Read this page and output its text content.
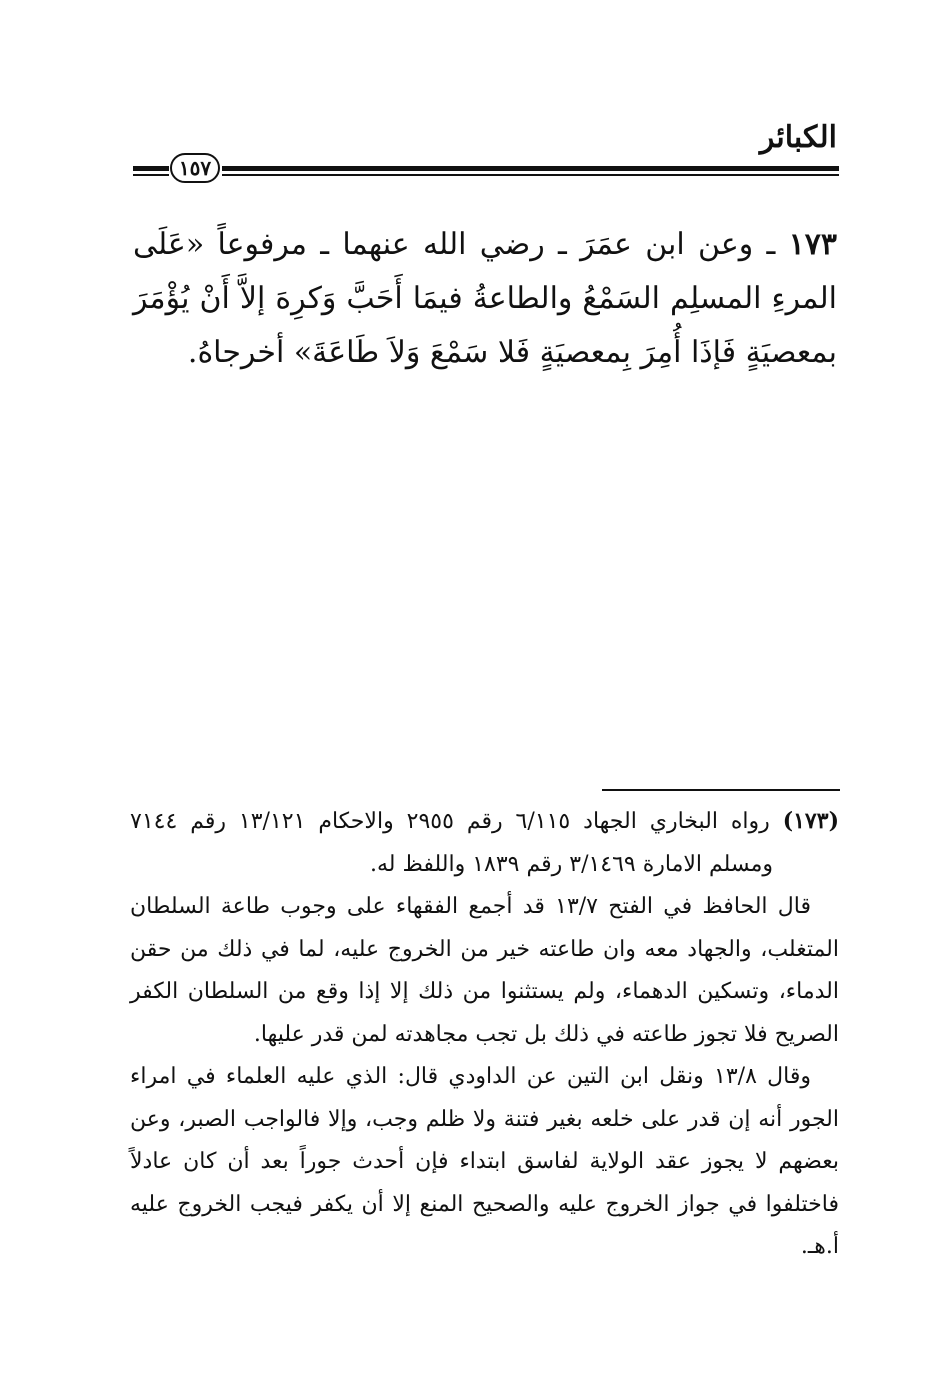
الكبائر
١٥٧

١٧٣ ـ وعن ابن عمَرَ ـ رضي الله عنهما ـ مرفوعاً «عَلَى المرءِ المسلِم السَمْعُ والطاعةُ فيمَا أَحَبَّ وَكرِهَ إلاَّ أَنْ يُؤْمَرَ بمعصيَةٍ فَإذَا أُمِرَ بِمعصيَةٍ فَلا سَمْعَ وَلاَ طَاعَةَ» أخرجاهُ.

(١٧٣) رواه البخاري الجهاد ٦/١١٥ رقم ٢٩٥٥ والاحكام ١٣/١٢١ رقم ٧١٤٤ ومسلم الامارة ٣/١٤٦٩ رقم ١٨٣٩ واللفظ له.

قال الحافظ في الفتح ١٣/٧ قد أجمع الفقهاء على وجوب طاعة السلطان المتغلب، والجهاد معه وان طاعته خير من الخروج عليه، لما في ذلك من حقن الدماء، وتسكين الدهماء، ولم يستثنوا من ذلك إلا إذا وقع من السلطان الكفر الصريح فلا تجوز طاعته في ذلك بل تجب مجاهدته لمن قدر عليها.

وقال ١٣/٨ ونقل ابن التين عن الداودي قال: الذي عليه العلماء في امراء الجور أنه إن قدر على خلعه بغير فتنة ولا ظلم وجب، وإلا فالواجب الصبر، وعن بعضهم لا يجوز عقد الولاية لفاسق ابتداء فإن أحدث جوراً بعد أن كان عادلاً فاختلفوا في جواز الخروج عليه والصحيح المنع إلا أن يكفر فيجب الخروج عليه أ.هـ.
